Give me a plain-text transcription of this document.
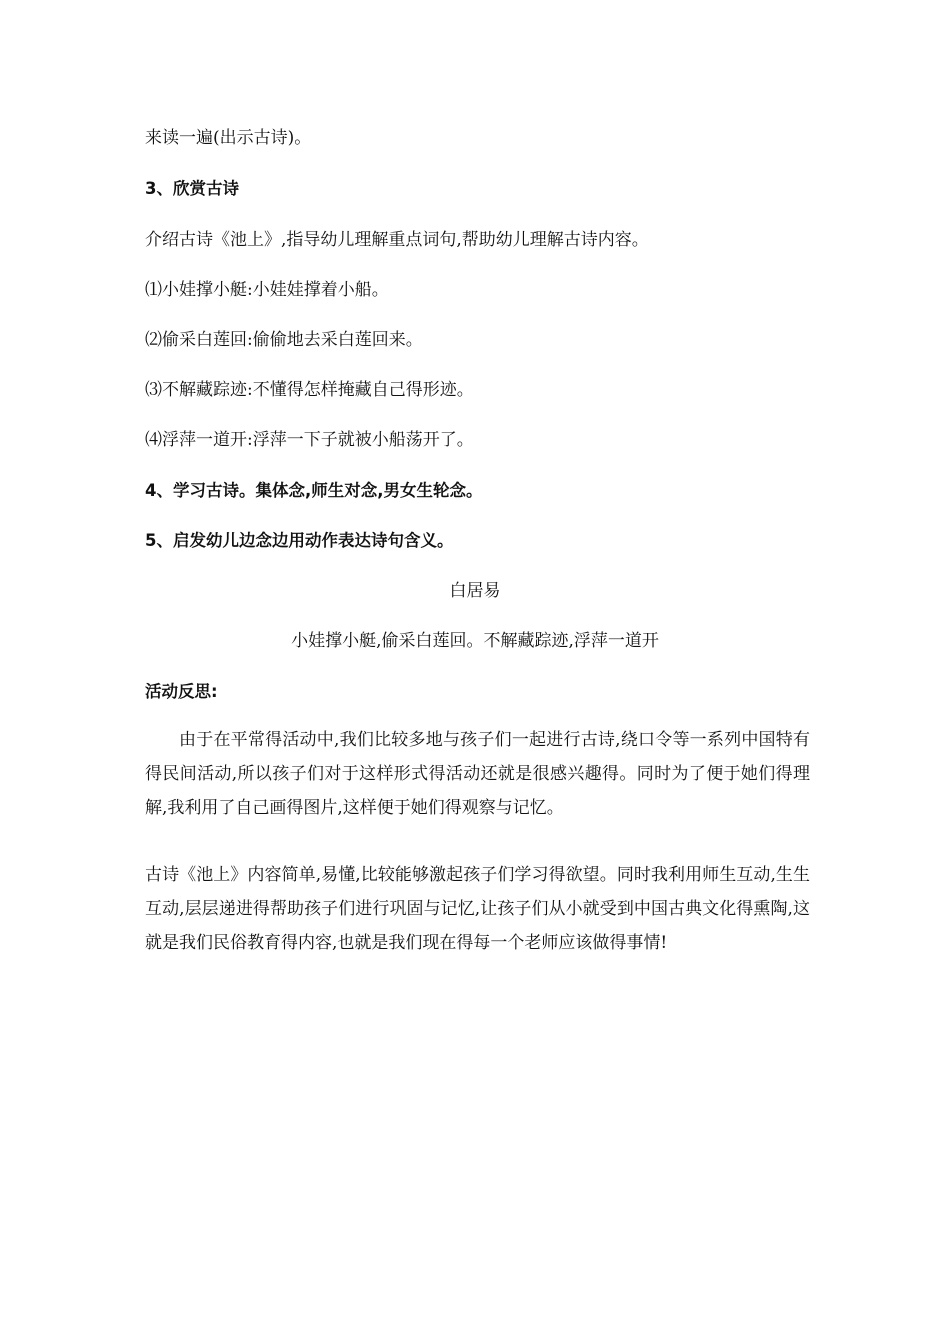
来读一遍(出示古诗)。
3、欣赏古诗
介绍古诗《池上》,指导幼儿理解重点词句,帮助幼儿理解古诗内容。
⑴小娃撑小艇:小娃娃撑着小船。
⑵偷采白莲回:偷偷地去采白莲回来。
⑶不解藏踪迹:不懂得怎样掩藏自己得形迹。
⑷浮萍一道开:浮萍一下子就被小船荡开了。
4、学习古诗。集体念,师生对念,男女生轮念。
5、启发幼儿边念边用动作表达诗句含义。
白居易
小娃撑小艇,偷采白莲回。不解藏踪迹,浮萍一道开
活动反思:
由于在平常得活动中,我们比较多地与孩子们一起进行古诗,绕口令等一系列中国特有得民间活动,所以孩子们对于这样形式得活动还就是很感兴趣得。同时为了便于她们得理解,我利用了自己画得图片,这样便于她们得观察与记忆。
古诗《池上》内容简单,易懂,比较能够激起孩子们学习得欲望。同时我利用师生互动,生生互动,层层递进得帮助孩子们进行巩固与记忆,让孩子们从小就受到中国古典文化得熏陶,这就是我们民俗教育得内容,也就是我们现在得每一个老师应该做得事情!
